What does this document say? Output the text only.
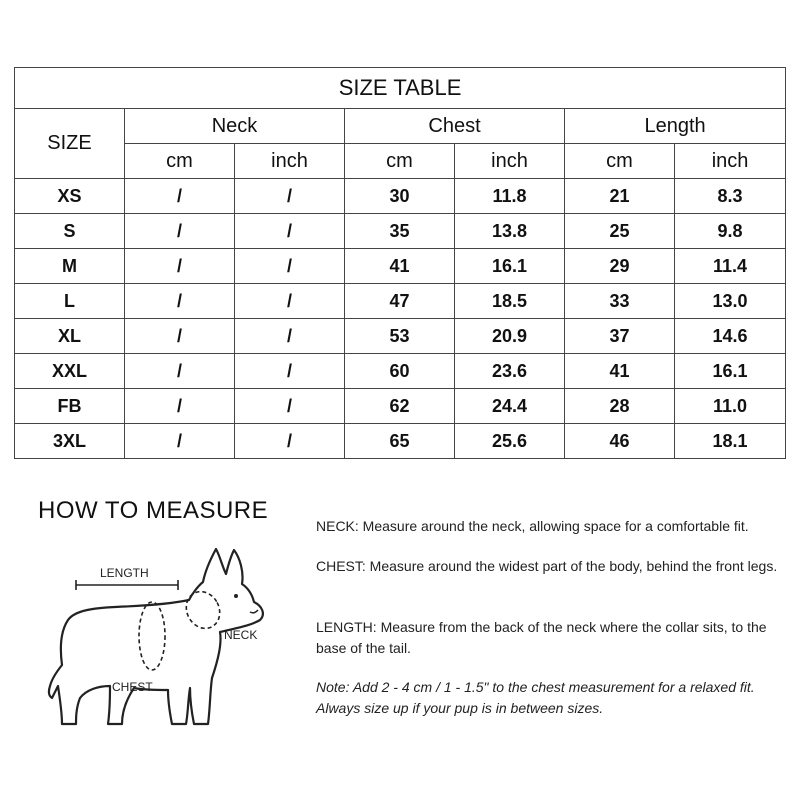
SIZE TABLE						
SIZE	Neck		Chest		Length	
	cm	inch	cm	inch	cm	inch
XS	/	/	30	11.8	21	8.3
S	/	/	35	13.8	25	9.8
M	/	/	41	16.1	29	11.4
L	/	/	47	18.5	33	13.0
XL	/	/	53	20.9	37	14.6
XXL	/	/	60	23.6	41	16.1
FB	/	/	62	24.4	28	11.0
3XL	/	/	65	25.6	46	18.1
HOW TO MEASURE
LENGTH
NECK
CHEST
NECK: Measure around the neck, allowing space for a comfortable fit.
CHEST: Measure around the widest part of the body, behind the front legs.
LENGTH: Measure from the back of the neck where the collar sits, to the base of the tail.
Note: Add 2 - 4 cm / 1 - 1.5" to the chest measurement for a relaxed fit. Always size up if your pup is in between sizes.
